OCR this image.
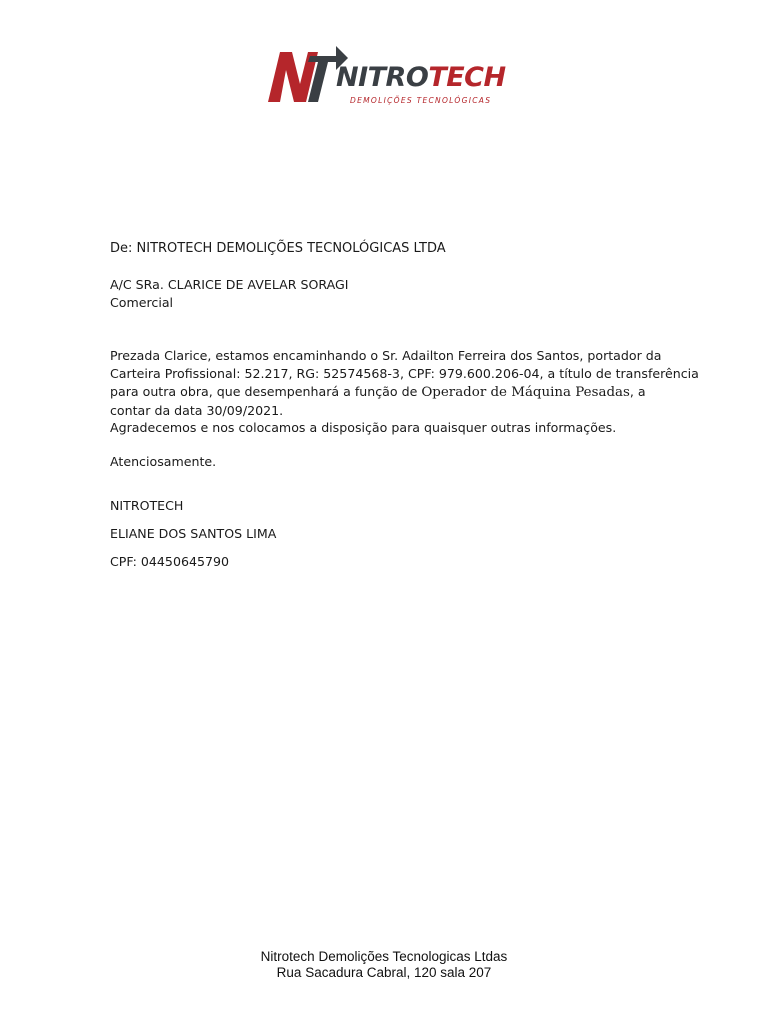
NITROTECH
DEMOLIÇÕES TECNOLÓGICAS
De: NITROTECH DEMOLIÇÕES TECNOLÓGICAS LTDA
A/C SRa. CLARICE DE AVELAR SORAGI
Comercial
Prezada Clarice, estamos encaminhando o Sr. Adailton Ferreira dos Santos, portador da
Carteira Profissional: 52.217, RG: 52574568-3, CPF: 979.600.206-04, a título de transferência
para outra obra, que desempenhará a função de Operador de Máquina Pesadas, a
contar da data 30/09/2021.
Agradecemos e nos colocamos a disposição para quaisquer outras informações.
Atenciosamente.
NITROTECH
ELIANE DOS SANTOS LIMA
CPF: 04450645790
Nitrotech Demolições Tecnologicas Ltdas
Rua Sacadura Cabral, 120 sala 207
